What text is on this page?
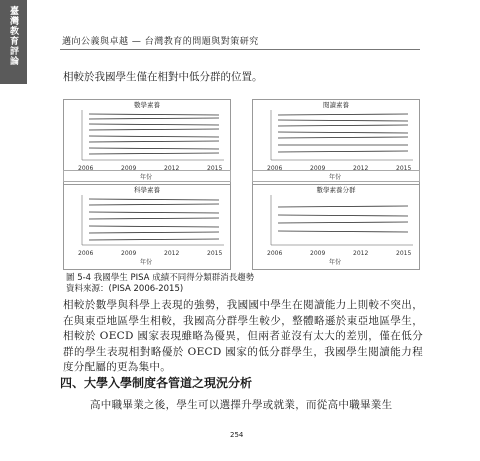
臺灣教育評論	邁向公義與卓越 — 台灣教育的問題與對策研究
相較於我國學生僅在相對中低分群的位置。
數學素養
2006	2009	2012	2015
年份
閱讀素養
2006	2009	2012	2015
年份
科學素養
2006	2009	2012	2015
年份
數學素養分群
2006	2009	2012	2015
年份
圖 5-4 我國學生 PISA 成績不同得分類群消長趨勢
資料來源：(PISA 2006-2015)
相較於數學與科學上表現的強勢，我國國中學生在閱讀能力上則較不突出，在與東亞地區學生相較，我國高分群學生較少，整體略遜於東亞地區學生，相較於 OECD 國家表現雖略為優異，但兩者並沒有太大的差別，僅在低分群的學生表現相對略優於 OECD 國家的低分群學生，我國學生閱讀能力程度分配屬的更為集中。
四、大學入學制度各管道之現況分析
高中職畢業之後，學生可以選擇升學或就業，而從高中職畢業生
254
